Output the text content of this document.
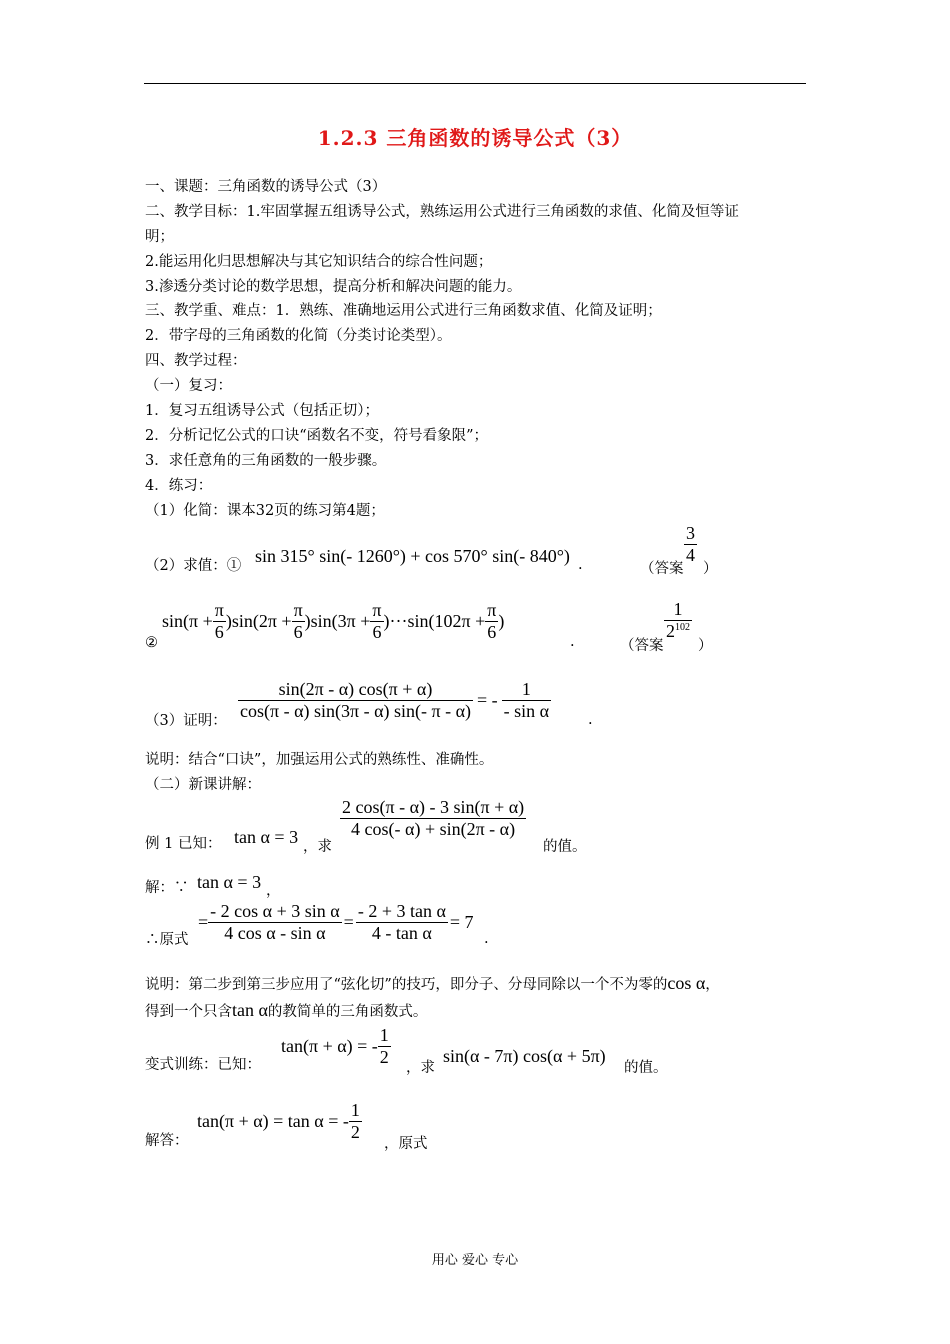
1.2.3 三角函数的诱导公式（3）
一、课题：三角函数的诱导公式（3）
二、教学目标：1.牢固掌握五组诱导公式，熟练运用公式进行三角函数的求值、化简及恒等证
明；
2.能运用化归思想解决与其它知识结合的综合性问题；
3.渗透分类讨论的数学思想，提高分析和解决问题的能力。
三、教学重、难点：1．熟练、准确地运用公式进行三角函数求值、化简及证明；
2．带字母的三角函数的化简（分类讨论类型）。
四、教学过程：
（一）复习：
1．复习五组诱导公式（包括正切）；
2．分析记忆公式的口诀“函数名不变，符号看象限”；
3．求任意角的三角函数的一般步骤。
4．练习：
（1）化简：课本32页的练习第4题；
（2）求值：① sin 315° sin(- 1260°) + cos 570° sin(- 840°) .	（答案
$\frac{3}{4}$
）
②
$\sin(\pi + \frac{\pi}{6} )\sin(2\pi + \frac{\pi}{6} )\sin(3\pi + \frac{\pi}{6} )\cdot\cdot\cdot\sin(102\pi + \frac{\pi}{6}$ )
.	（答案
$\frac{1}{2^{102}}$
）
（3）证明： $\frac{\sin(2\pi - \alpha) \cos(\pi + \alpha)}{\cos(\pi - \alpha) \sin(3\pi - \alpha) \sin(- \pi - \alpha)}$ = - $\frac{1}{\text{- sin α}}$	.
说明：结合“口诀”，加强运用公式的熟练性、准确性。
（二）新课讲解：
例 1 已知： tan α = 3 ，求
$\frac{2 \cos(\pi - \alpha) - 3 \sin(\pi + \alpha)}{4 \cos(- \alpha) + \sin(2\pi - \alpha)}$
的值。
解：∵ tan α = 3 ，
∴原式
= $\frac{\text{- 2 cos α + 3 sin α}}{\text{4 cos α - sin α}} = \frac{\text{- 2 + 3 tan α}}{\text{4 - tan α}} = 7$
.
说明：第二步到第三步应用了“弦化切”的技巧，即分子、分母同除以一个不为零的cos α，
得到一个只含tan α的教简单的三角函数式。
变式训练：已知：
tan(π + α) = - $\frac{1}{2}$
，求
sin(α - 7π) cos(α + 5π)
的值。
解答：
tan(π + α) = tan α = - $\frac{1}{2}$
，原式
用心 爱心 专心
